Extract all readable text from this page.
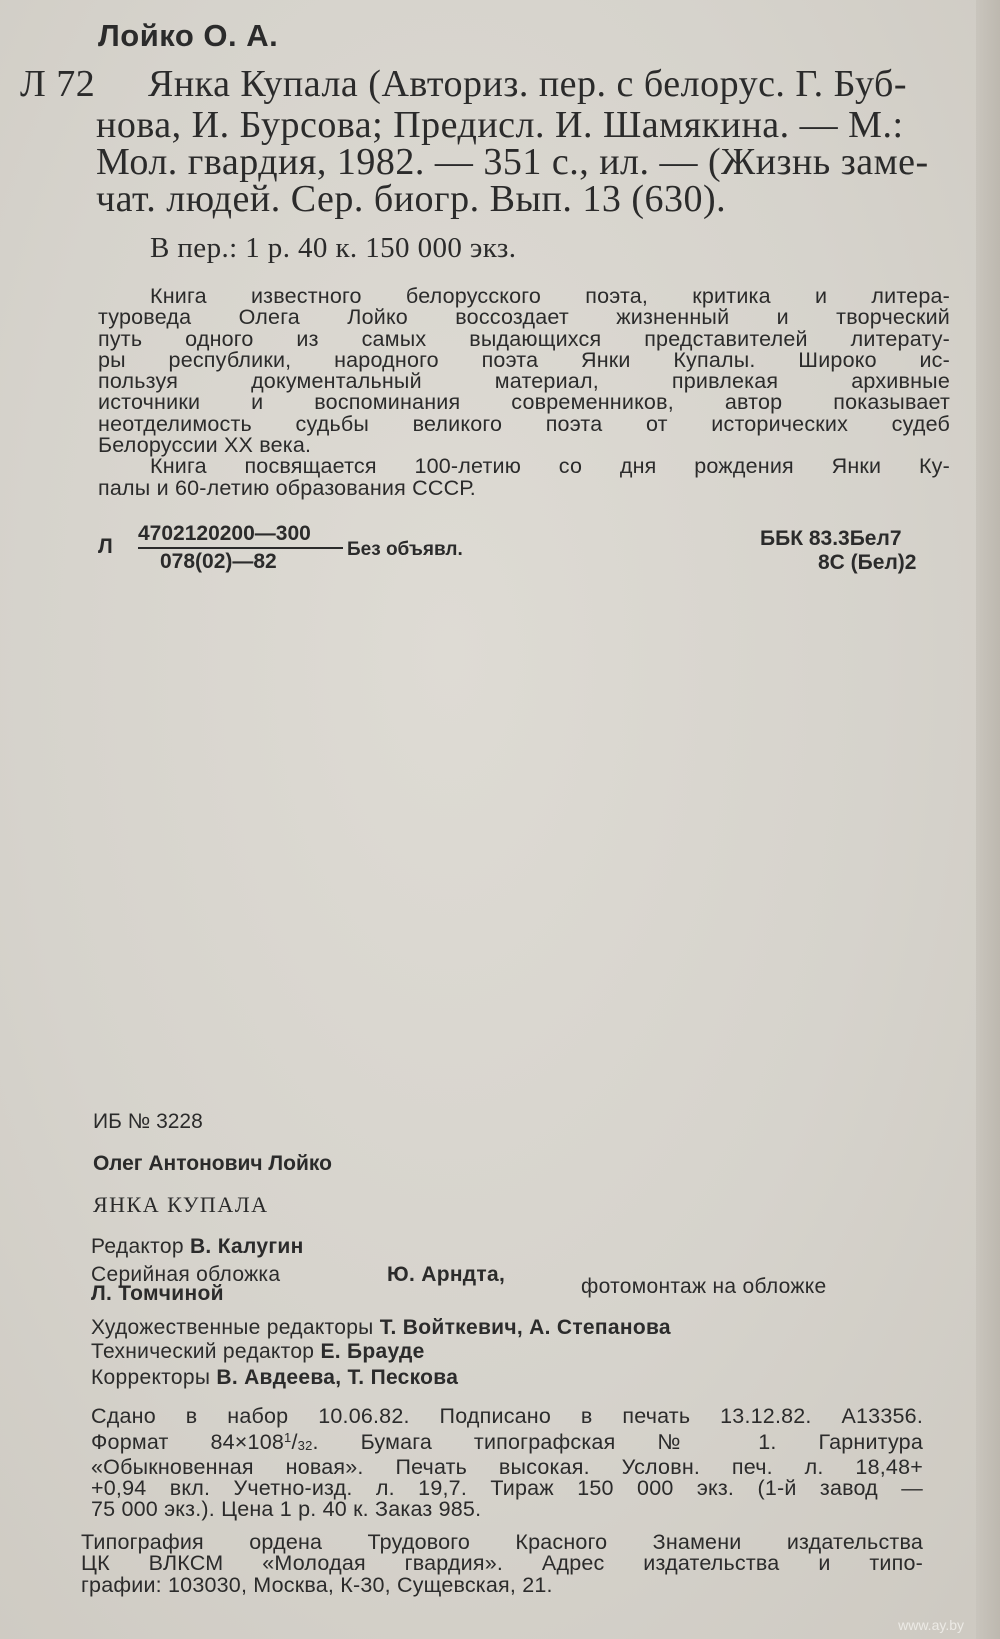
Лойко О. А.
Л 72 Янка Купала (Авториз. пер. с белорус. Г. Буб-
нова, И. Бурсова; Предисл. И. Шамякина. — М.:
Мол. гвардия, 1982. — 351 с., ил. — (Жизнь заме-
чат. людей. Сер. биогр. Вып. 13 (630).
В пер.: 1 р. 40 к. 150 000 экз.
Книга известного белорусского поэта, критика и литера-
туроведа Олега Лойко воссоздает жизненный и творческий
путь одного из самых выдающихся представителей литерату-
ры республики, народного поэта Янки Купалы. Широко ис-
пользуя документальный материал, привлекая архивные
источники и воспоминания современников, автор показывает
неотделимость судьбы великого поэта от исторических судеб
Белоруссии XX века.
Книга посвящается 100-летию со дня рождения Янки Ку-
палы и 60-летию образования СССР.
Л
4702120200—300
078(02)—82
Без объявл.	ББК 83.3Бел7
8С (Бел)2
ИБ № 3228
Олег Антонович Лойко
ЯНКА КУПАЛА
Редактор В. Калугин
Серийная обложка	Ю. Арндта,
фотомонтаж на обложке
Л. Томчиной
Художественные редакторы Т. Войткевич, А. Степанова
Технический редактор Е. Брауде
Корректоры В. Авдеева, Т. Пескова
Сдано в набор 10.06.82. Подписано в печать 13.12.82. А13356.
Формат $84\times 108^1/32$. Бумага типографская № 1. Гарнитура
«Обыкновенная новая». Печать высокая. Условн. печ. л. 18,48+
+0,94 вкл. Учетно-изд. л. 19,7. Тираж 150 000 экз. (1-й завод —
75 000 экз.). Цена 1 р. 40 к. Заказ 985.
Типография ордена Трудового Красного Знамени издательства
ЦК ВЛКСМ «Молодая гвардия». Адрес издательства и типо-
графии: 103030, Москва, К-30, Сущевская, 21.
www.ay.by
